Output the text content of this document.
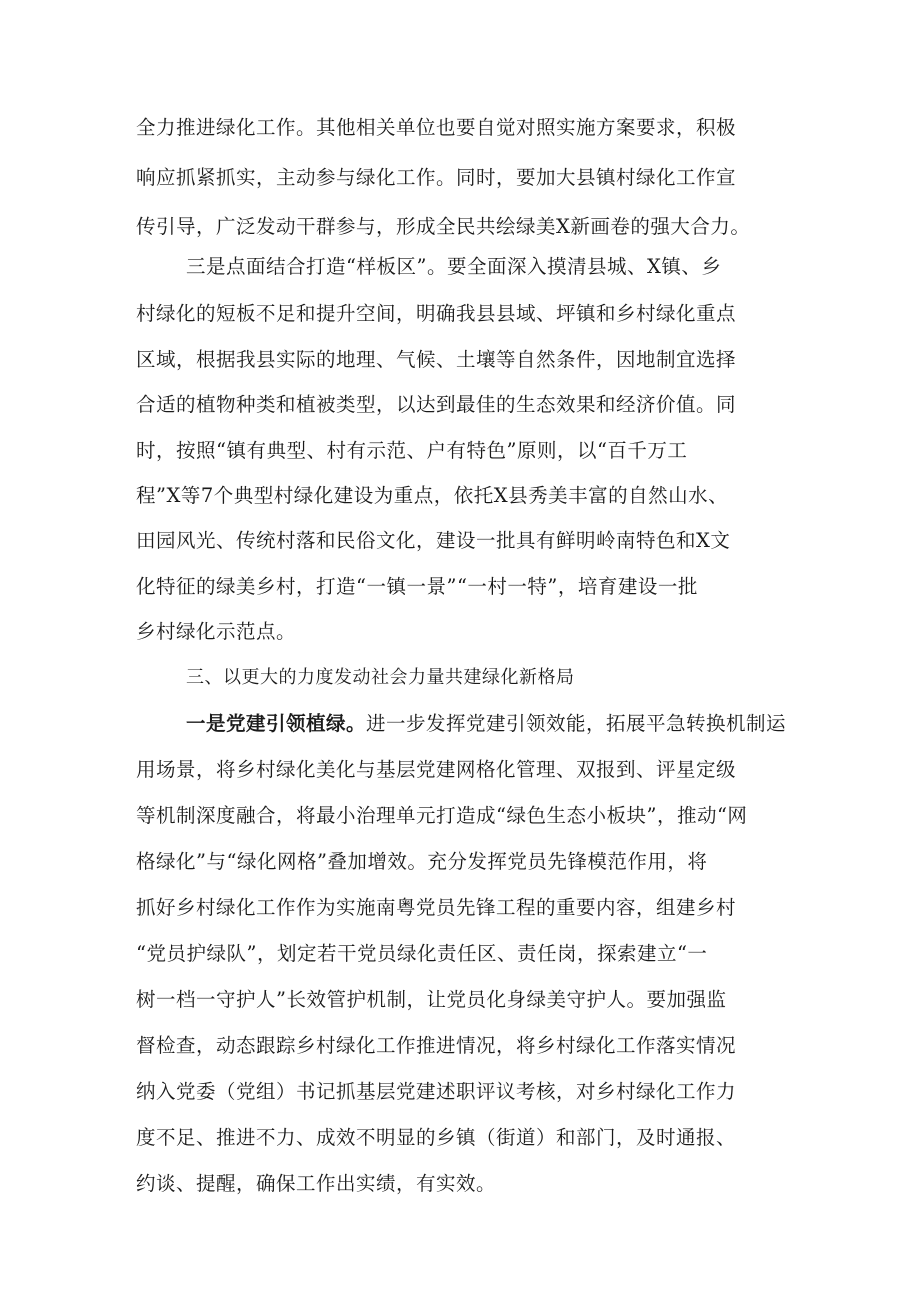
全力推进绿化工作。其他相关单位也要自觉对照实施方案要求，积极
响应抓紧抓实，主动参与绿化工作。同时，要加大县镇村绿化工作宣
传引导，广泛发动干群参与，形成全民共绘绿美X新画卷的强大合力。
三是点面结合打造“样板区”。要全面深入摸清县城、X镇、乡
村绿化的短板不足和提升空间，明确我县县域、坪镇和乡村绿化重点
区域，根据我县实际的地理、气候、土壤等自然条件，因地制宜选择
合适的植物种类和植被类型，以达到最佳的生态效果和经济价值。同
时，按照“镇有典型、村有示范、户有特色”原则，以“百千万工
程”X等7个典型村绿化建设为重点，依托X县秀美丰富的自然山水、
田园风光、传统村落和民俗文化，建设一批具有鲜明岭南特色和X文
化特征的绿美乡村，打造“一镇一景”“一村一特”，培育建设一批
乡村绿化示范点。
三、以更大的力度发动社会力量共建绿化新格局
一是党建引领植绿。进一步发挥党建引领效能，拓展平急转换机制运
用场景，将乡村绿化美化与基层党建网格化管理、双报到、评星定级
等机制深度融合，将最小治理单元打造成“绿色生态小板块”，推动“网
格绿化”与“绿化网格”叠加增效。充分发挥党员先锋模范作用，将
抓好乡村绿化工作作为实施南粤党员先锋工程的重要内容，组建乡村
“党员护绿队”，划定若干党员绿化责任区、责任岗，探索建立“一
树一档一守护人”长效管护机制，让党员化身绿美守护人。要加强监
督检查，动态跟踪乡村绿化工作推进情况，将乡村绿化工作落实情况
纳入党委（党组）书记抓基层党建述职评议考核，对乡村绿化工作力
度不足、推进不力、成效不明显的乡镇（街道）和部门，及时通报、
约谈、提醒，确保工作出实绩，有实效。
